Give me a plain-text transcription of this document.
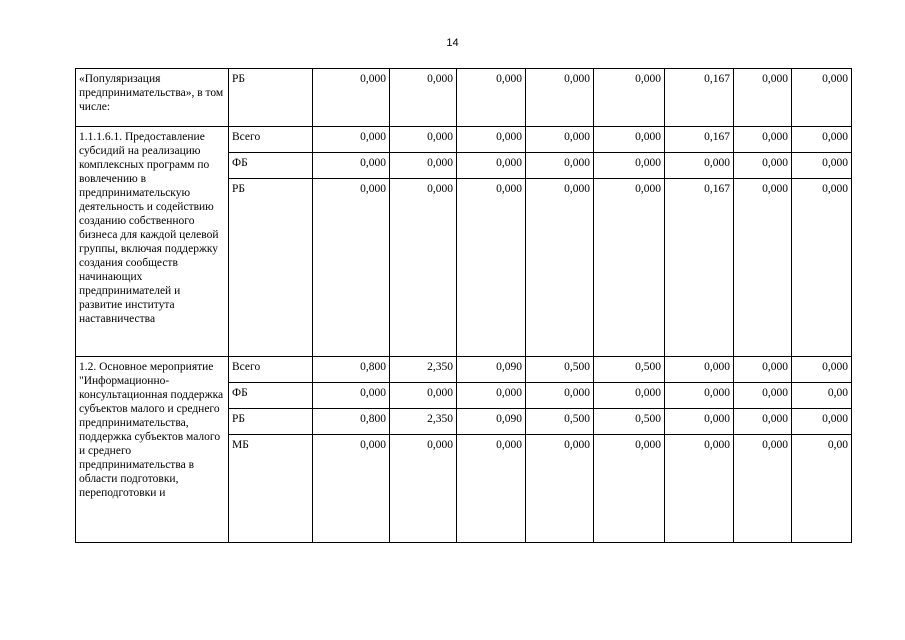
14
«Популяризация предпринимательства», в том числе:	РБ	0,000	0,000	0,000	0,000	0,000	0,167	0,000	0,000
1.1.1.6.1. Предоставление субсидий на реализацию комплексных программ по вовлечению в предпринимательскую деятельность и содействию созданию собственного бизнеса для каждой целевой группы, включая поддержку создания сообществ начинающих предпринимателей и развитие института наставничества	Всего	0,000	0,000	0,000	0,000	0,000	0,167	0,000	0,000
	ФБ	0,000	0,000	0,000	0,000	0,000	0,000	0,000	0,000
	РБ	0,000	0,000	0,000	0,000	0,000	0,167	0,000	0,000
1.2. Основное мероприятие "Информационно-консультационная поддержка субъектов малого и среднего предпринимательства, поддержка субъектов малого и среднего предпринимательства в области подготовки, переподготовки и	Всего	0,800	2,350	0,090	0,500	0,500	0,000	0,000	0,000
	ФБ	0,000	0,000	0,000	0,000	0,000	0,000	0,000	0,00
	РБ	0,800	2,350	0,090	0,500	0,500	0,000	0,000	0,000
	МБ	0,000	0,000	0,000	0,000	0,000	0,000	0,000	0,00
